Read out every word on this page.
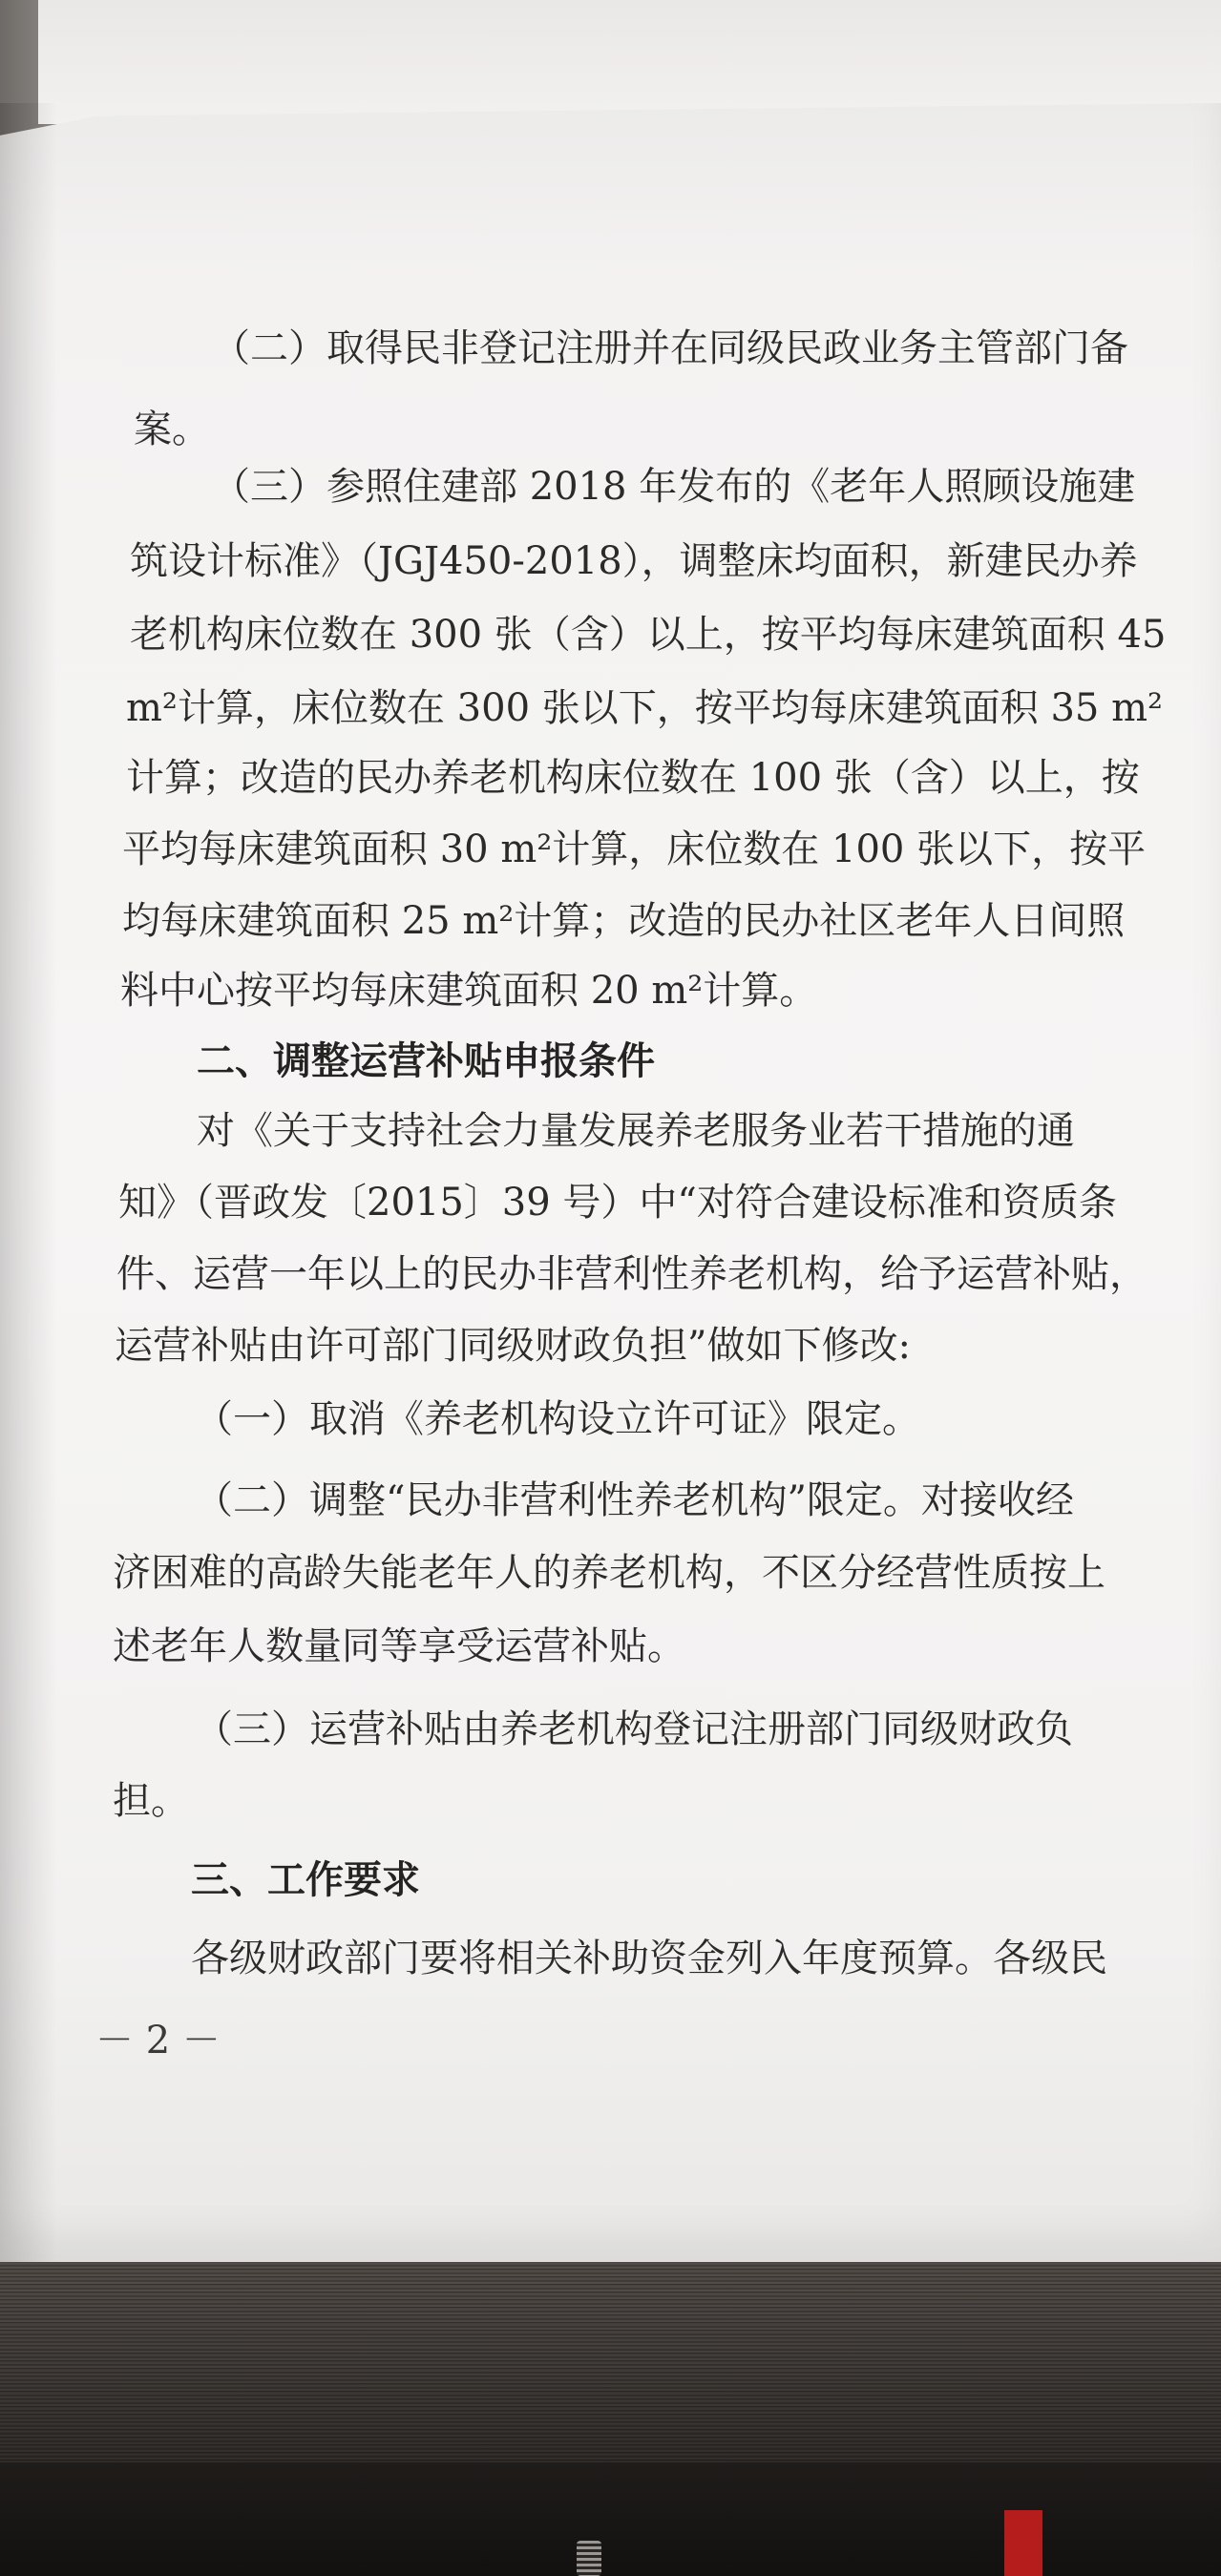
（二）取得民非登记注册并在同级民政业务主管部门备
案。
（三）参照住建部 2018 年发布的《老年人照顾设施建
筑设计标准》（JGJ450-2018），调整床均面积，新建民办养
老机构床位数在 300 张（含）以上，按平均每床建筑面积 45
m²计算，床位数在 300 张以下，按平均每床建筑面积 35 m²
计算；改造的民办养老机构床位数在 100 张（含）以上，按
平均每床建筑面积 30 m²计算，床位数在 100 张以下，按平
均每床建筑面积 25 m²计算；改造的民办社区老年人日间照
料中心按平均每床建筑面积 20 m²计算。
二、调整运营补贴申报条件
对《关于支持社会力量发展养老服务业若干措施的通
知》（晋政发〔2015〕39 号）中“对符合建设标准和资质条
件、运营一年以上的民办非营利性养老机构，给予运营补贴，
运营补贴由许可部门同级财政负担”做如下修改:
（一）取消《养老机构设立许可证》限定。
（二）调整“民办非营利性养老机构”限定。对接收经
济困难的高龄失能老年人的养老机构，不区分经营性质按上
述老年人数量同等享受运营补贴。
（三）运营补贴由养老机构登记注册部门同级财政负
担。
三、工作要求
各级财政部门要将相关补助资金列入年度预算。各级民
－ 2 －
